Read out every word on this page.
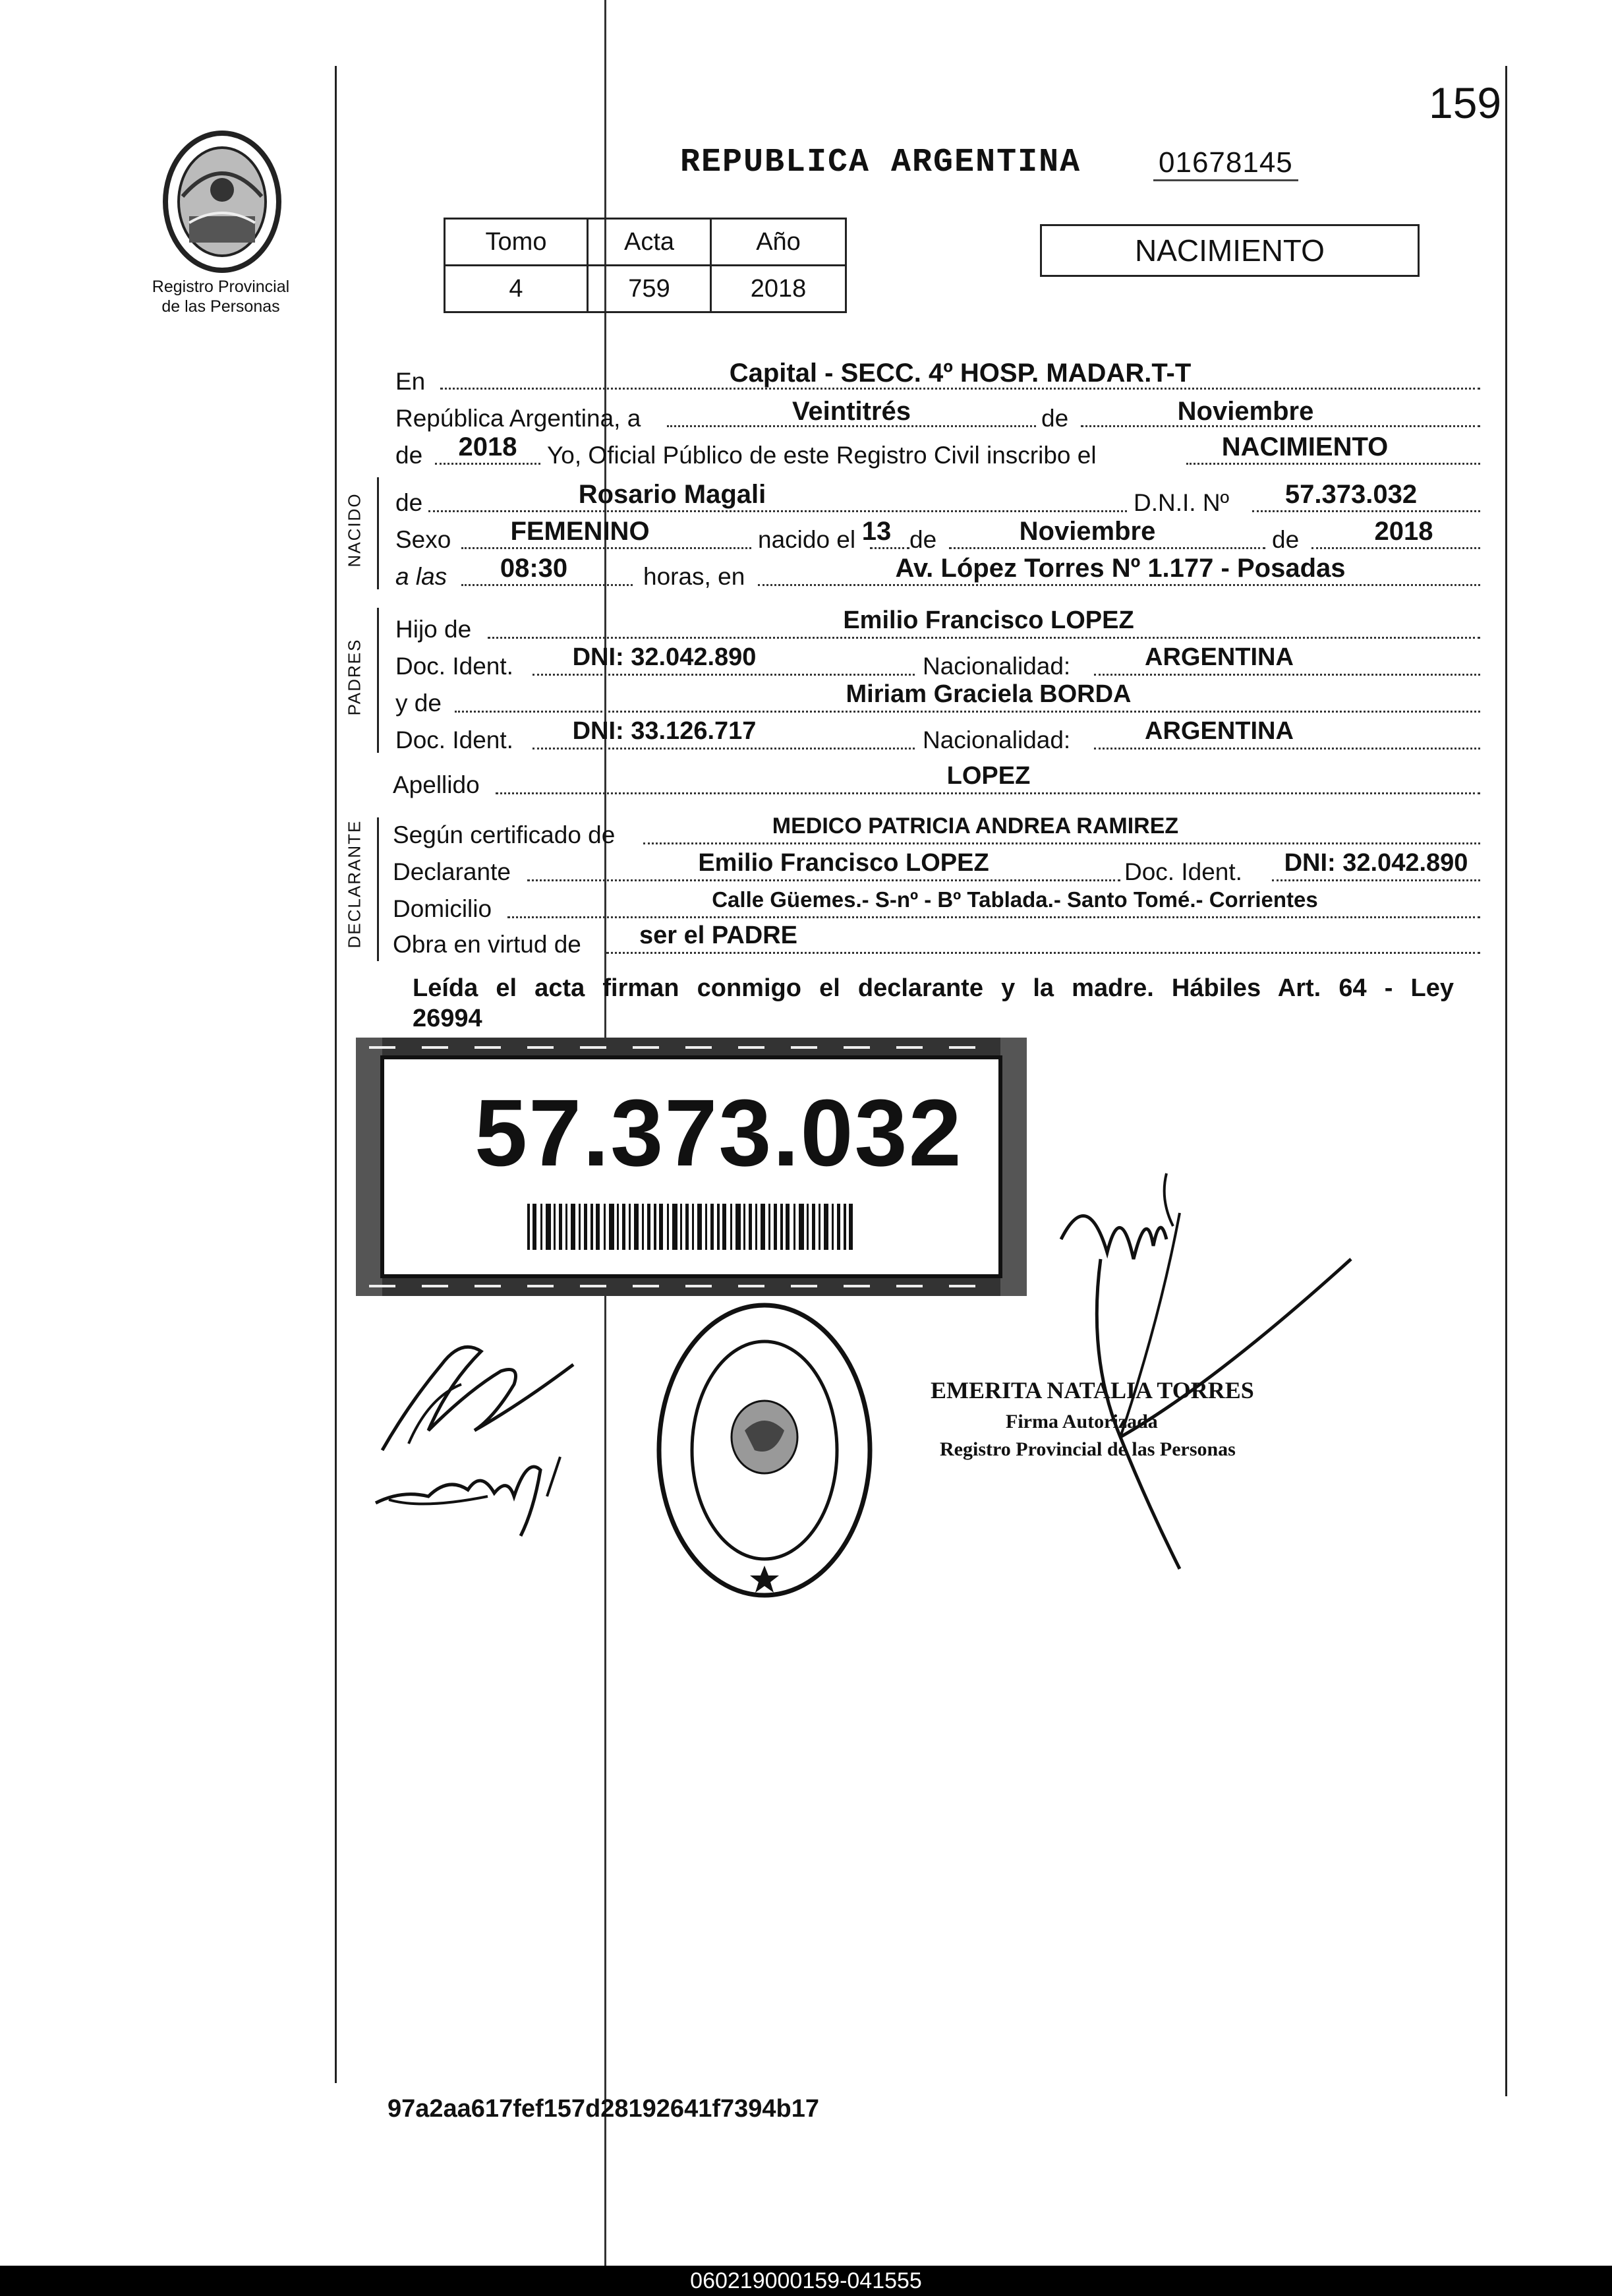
159
Registro Provincial
de las Personas
REPUBLICA ARGENTINA	01678145
Tomo	Acta	Año
4	759	2018
NACIMIENTO
En	Capital - SECC. 4º HOSP. MADAR.T-T
República Argentina, a	Veintitrés	de	Noviembre
de	2018	Yo, Oficial Público de este Registro Civil inscribo el	NACIMIENTO
NACIDO de	Rosario Magali	D.N.I. Nº	57.373.032
Sexo	FEMENINO	nacido el 13 de	Noviembre	de	2018
a las	08:30	horas, en	Av. López Torres Nº 1.177 - Posadas
PADRES
Hijo de	Emilio Francisco LOPEZ
Doc. Ident.	DNI: 32.042.890	Nacionalidad:	ARGENTINA
y de	Miriam Graciela BORDA
Doc. Ident.	DNI: 33.126.717	Nacionalidad:	ARGENTINA
Apellido	LOPEZ
DECLARANTE Según certificado de	MEDICO PATRICIA ANDREA RAMIREZ
Declarante	Emilio Francisco LOPEZ	Doc. Ident.	DNI: 32.042.890
Domicilio	Calle Güemes.- S-nº - Bº Tablada.- Santo Tomé.- Corrientes
Obra en virtud de	ser el PADRE
Leída el acta firman conmigo el declarante y la madre. Hábiles Art. 64 - Ley
26994
57.373.032
EMERITA NATALIA TORRES
Firma Autorizada
Registro Provincial de las Personas
97a2aa617fef157d28192641f7394b17
060219000159-041555
